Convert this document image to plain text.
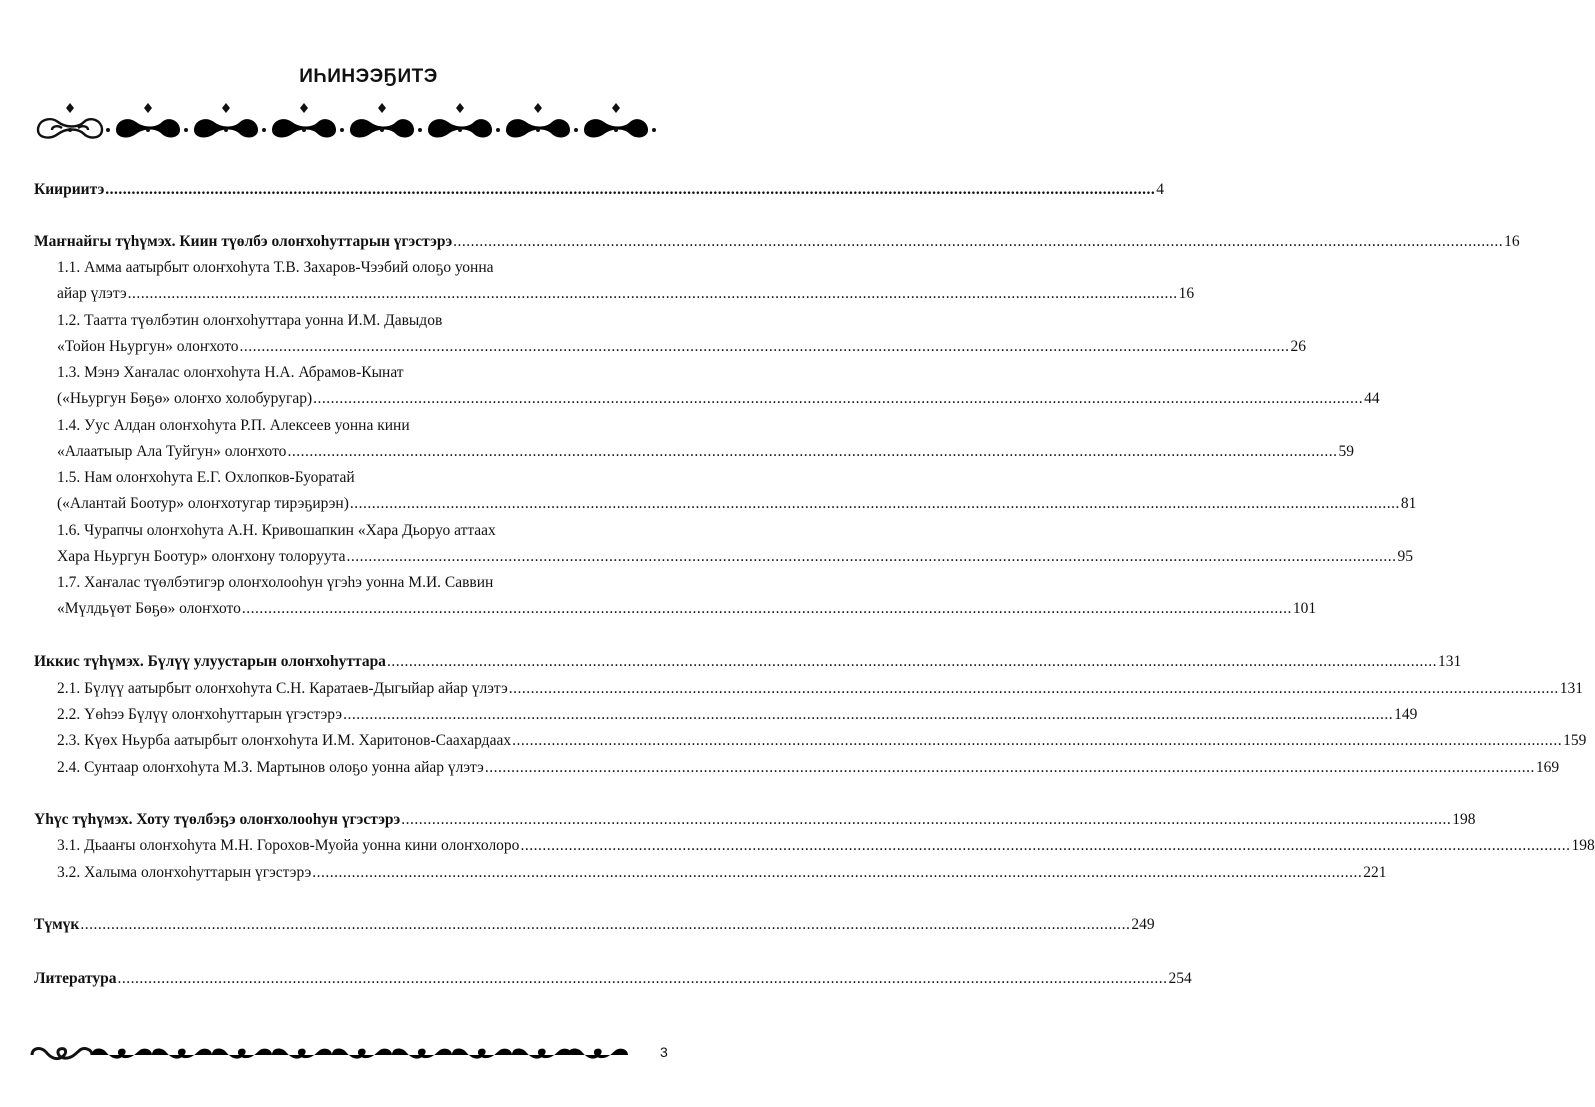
ИҺИНЭЭҔИТЭ
Киириитэ .....	4
Маҥнайгы түһүмэх. Киин түөлбэ олоҥхоһуттарын үгэстэрэ .....	16
1.1. Амма аатырбыт олоҥхоһута Т.В. Захаров-Чээбий олоҕо уонна
айар үлэтэ .....	16
1.2. Таатта түөлбэтин олоҥхоһуттара уонна И.М. Давыдов
«Тойон Ньургун» олоҥхото .....	26
1.3. Мэнэ Хаҥалас олоҥхоһута Н.А. Абрамов-Кынат
(«Ньургун Бөҕө» олоҥхо холобуругар) .....	44
1.4. Уус Алдан олоҥхоһута Р.П. Алексеев уонна кини
«Алаатыыр Ала Туйгун» олоҥхото .....	59
1.5. Нам олоҥхоһута Е.Г. Охлопков-Буоратай
(«Алантай Боотур» олоҥхотугар тирэҕирэн) .....	81
1.6. Чурапчы олоҥхоһута А.Н. Кривошапкин «Хара Дьоруо аттаах
Хара Ньургун Боотур» олоҥхону толоруута .....	95
1.7. Хаҥалас түөлбэтигэр олоҥхолооһун үгэһэ уонна М.И. Саввин
«Мүлдьүөт Бөҕө» олоҥхото .....	101
Иккис түһүмэх. Бүлүү улуустарын олоҥхоһуттара .....	131
2.1. Бүлүү аатырбыт олоҥхоһута С.Н. Каратаев-Дыгыйар айар үлэтэ .....	131
2.2. Үөһээ Бүлүү олоҥхоһуттарын үгэстэрэ .....	149
2.3. Күөх Ньурба аатырбыт олоҥхоһута И.М. Харитонов-Саахардаах .....	159
2.4. Сунтаар олоҥхоһута М.З. Мартынов олоҕо уонна айар үлэтэ .....	169
Үһүс түһүмэх. Хоту түөлбэҕэ олоҥхолооһун үгэстэрэ .....	198
3.1. Дьааҥы олоҥхоһута М.Н. Горохов-Муойа уонна кини олоҥхолоро .....	198
3.2. Халыма олоҥхоһуттарын үгэстэрэ .....	221
Түмүк .....	249
Литература .....	254
3
